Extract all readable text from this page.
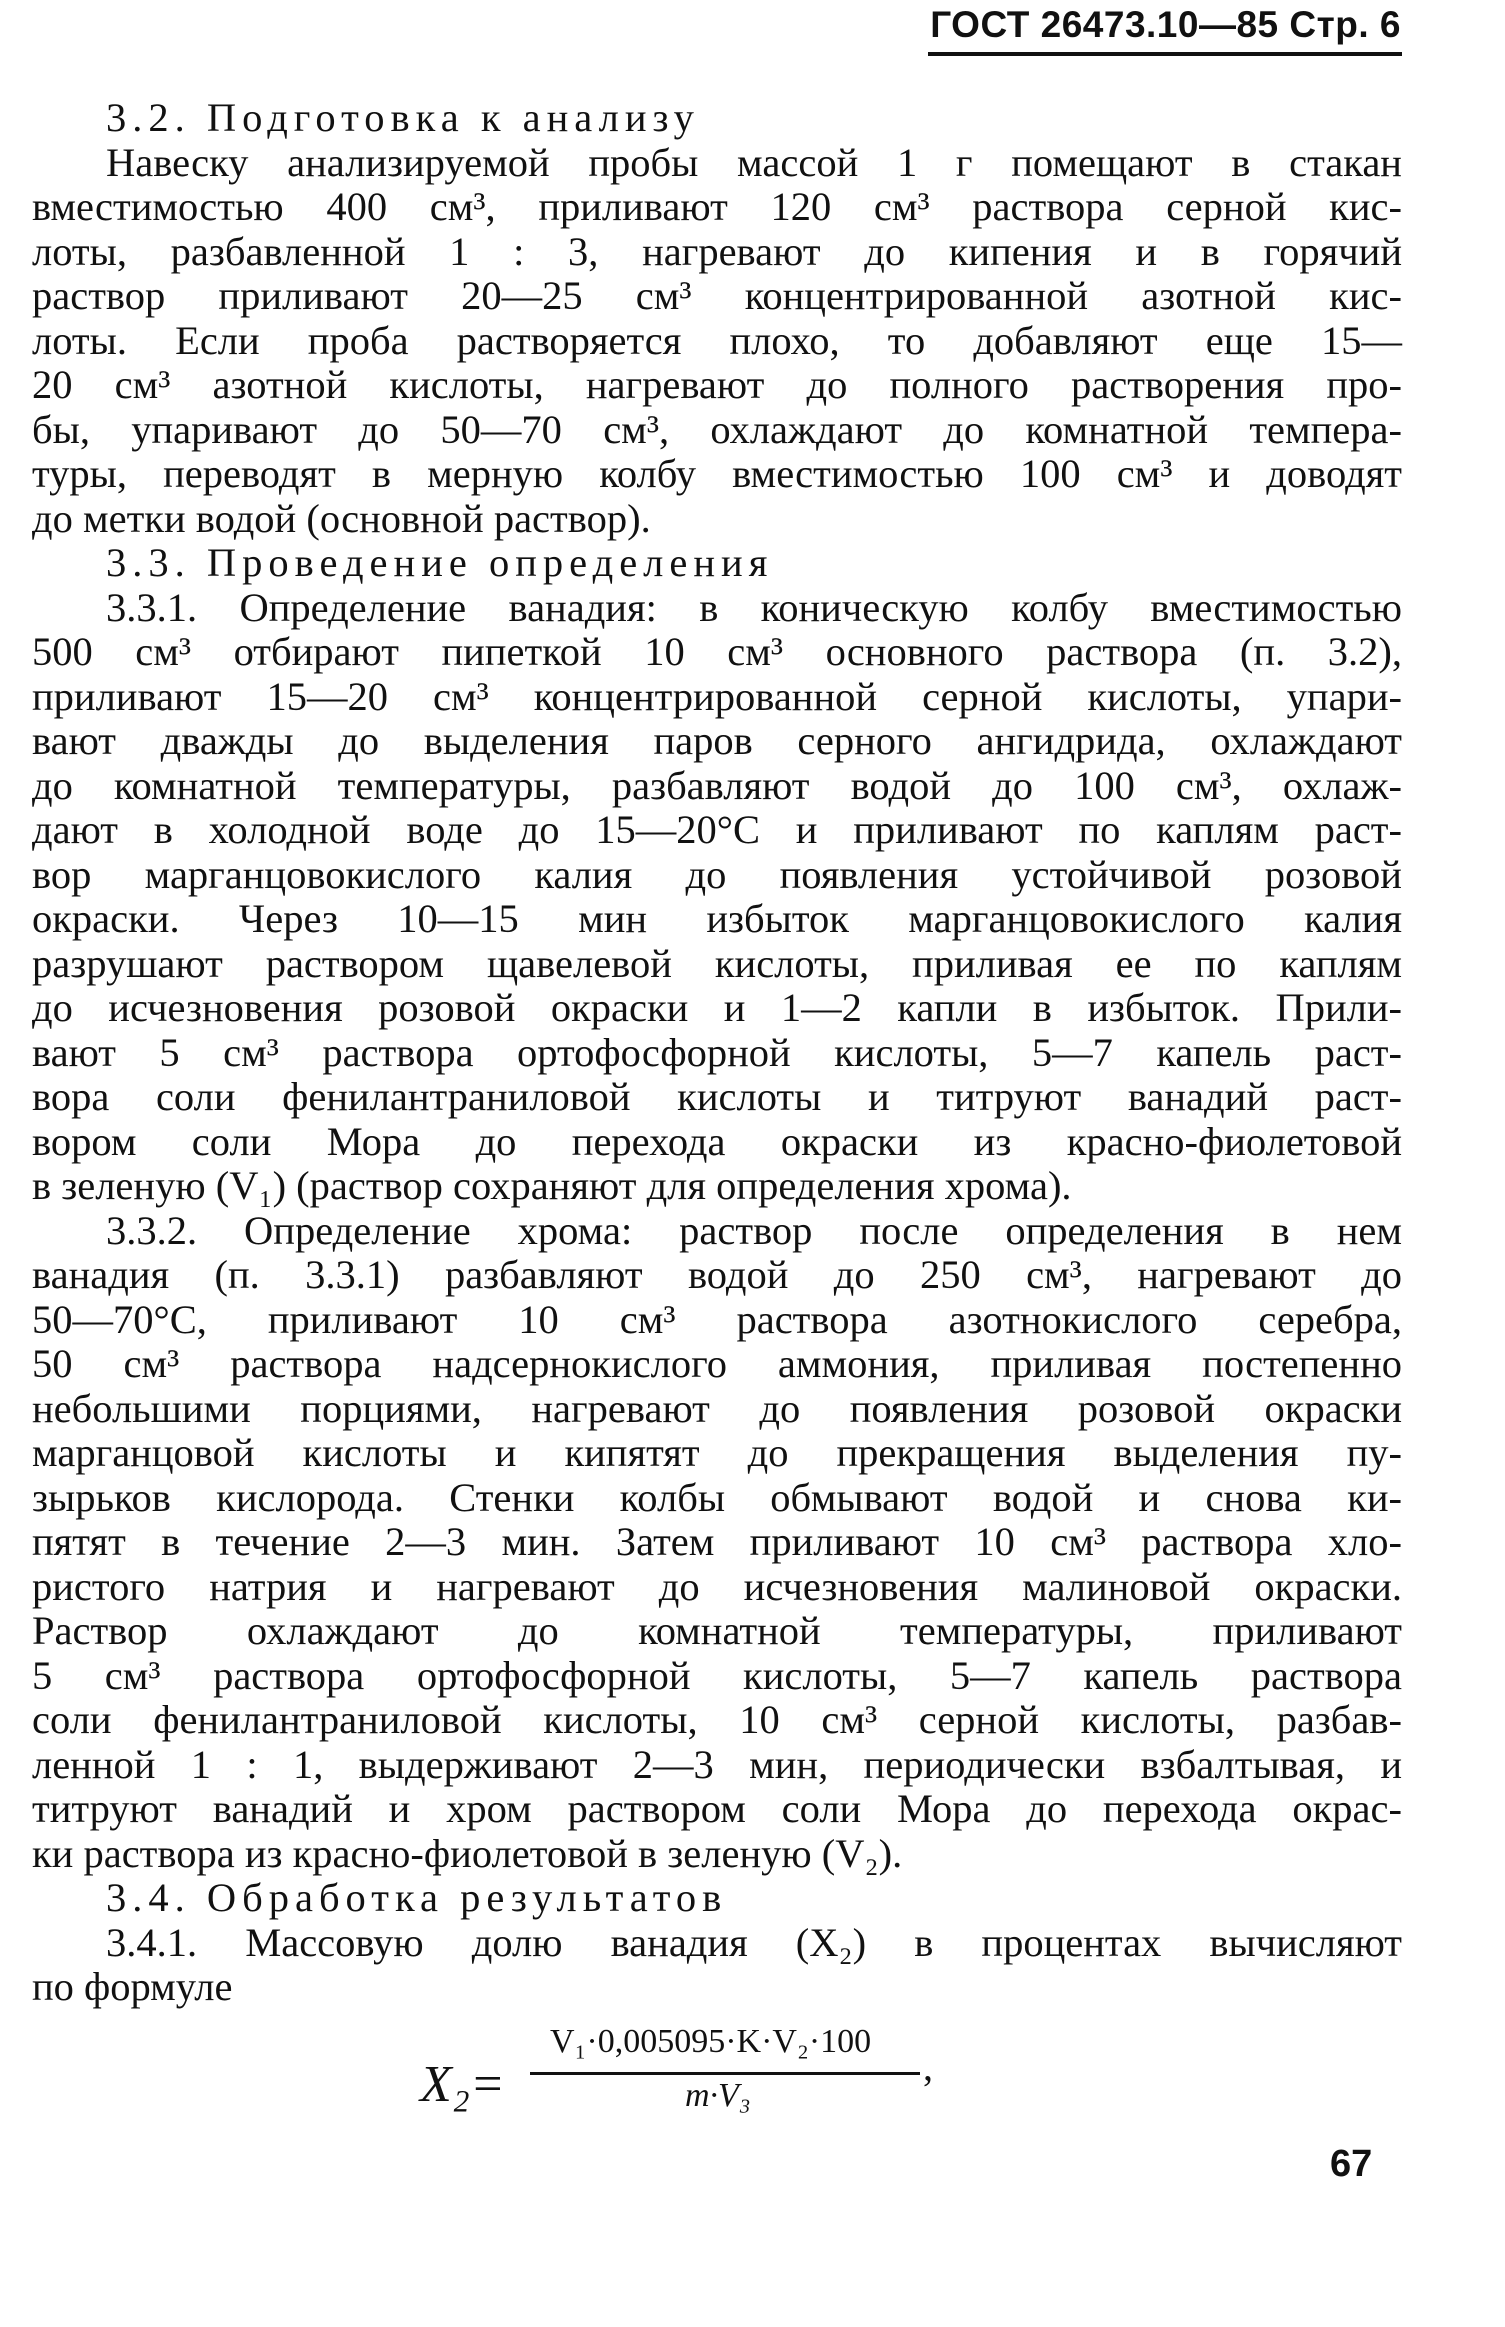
ГОСТ 26473.10—85 Стр. 6
3.2. Подготовка к анализу
Навеску анализируемой пробы массой 1 г помещают в стакан
вместимостью 400 см³, приливают 120 см³ раствора серной кис-
лоты, разбавленной 1 : 3, нагревают до кипения и в горячий
раствор приливают 20—25 см³ концентрированной азотной кис-
лоты. Если проба растворяется плохо, то добавляют еще 15—
20 см³ азотной кислоты, нагревают до полного растворения про-
бы, упаривают до 50—70 см³, охлаждают до комнатной темпера-
туры, переводят в мерную колбу вместимостью 100 см³ и доводят
до метки водой (основной раствор).
3.3. Проведение определения
3.3.1. Определение ванадия: в коническую колбу вместимостью
500 см³ отбирают пипеткой 10 см³ основного раствора (п. 3.2),
приливают 15—20 см³ концентрированной серной кислоты, упари-
вают дважды до выделения паров серного ангидрида, охлаждают
до комнатной температуры, разбавляют водой до 100 см³, охлаж-
дают в холодной воде до 15—20°С и приливают по каплям раст-
вор марганцовокислого калия до появления устойчивой розовой
окраски. Через 10—15 мин избыток марганцовокислого калия
разрушают раствором щавелевой кислоты, приливая ее по каплям
до исчезновения розовой окраски и 1—2 капли в избыток. Прили-
вают 5 см³ раствора ортофосфорной кислоты, 5—7 капель раст-
вора соли фенилантраниловой кислоты и титруют ванадий раст-
вором соли Мора до перехода окраски из красно-фиолетовой
в зеленую (V₁) (раствор сохраняют для определения хрома).
3.3.2. Определение хрома: раствор после определения в нем
ванадия (п. 3.3.1) разбавляют водой до 250 см³, нагревают до
50—70°С, приливают 10 см³ раствора азотнокислого серебра,
50 см³ раствора надсернокислого аммония, приливая постепенно
небольшими порциями, нагревают до появления розовой окраски
марганцовой кислоты и кипятят до прекращения выделения пу-
зырьков кислорода. Стенки колбы обмывают водой и снова ки-
пятят в течение 2—3 мин. Затем приливают 10 см³ раствора хло-
ристого натрия и нагревают до исчезновения малиновой окраски.
Раствор охлаждают до комнатной температуры, приливают
5 см³ раствора ортофосфорной кислоты, 5—7 капель раствора
соли фенилантраниловой кислоты, 10 см³ серной кислоты, разбав-
ленной 1 : 1, выдерживают 2—3 мин, периодически взбалтывая, и
титруют ванадий и хром раствором соли Мора до перехода окрас-
ки раствора из красно-фиолетовой в зеленую (V₂).
3.4. Обработка результатов
3.4.1. Массовую долю ванадия (X₂) в процентах вычисляют
по формуле
X₂=
V₁·0,005095·K·V₂·100
m·V₃
,
67
